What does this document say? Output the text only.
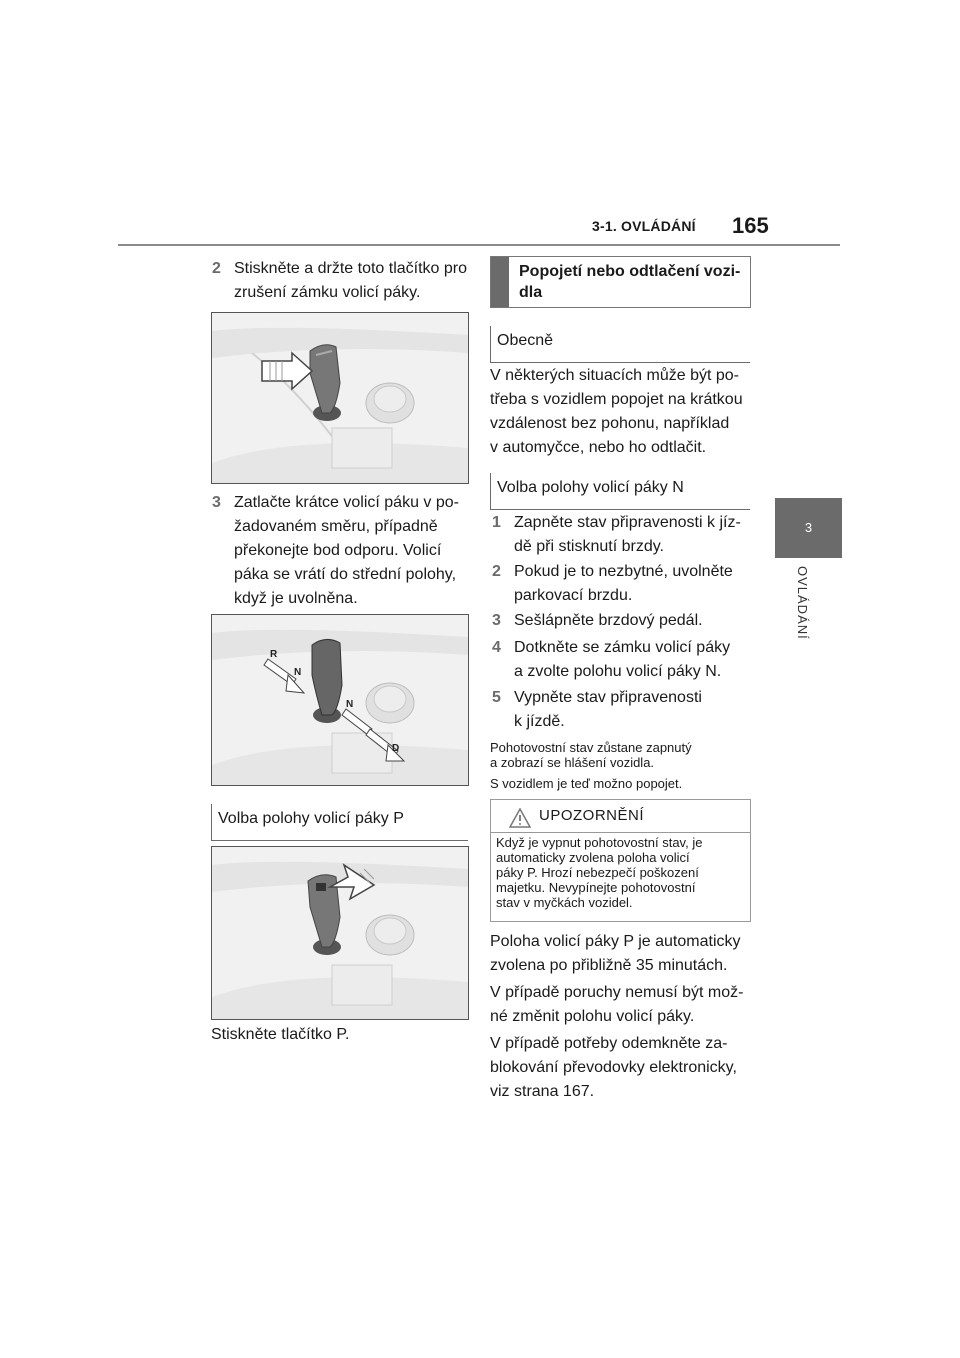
3-1. OVLÁDÁNÍ 165
3
OVLÁDÁNÍ
2 Stiskněte a držte toto tlačítko pro
zrušení zámku volicí páky.
3 Zatlačte krátce volicí páku v po-
žadovaném směru, případně
překonejte bod odporu. Volicí
páka se vrátí do střední polohy,
když je uvolněna.
R
N
N
D
Volba polohy volicí páky P
Stiskněte tlačítko P.
Popojetí nebo odtlačení vozi-
dla
Obecně
V některých situacích může být po-
třeba s vozidlem popojet na krátkou
vzdálenost bez pohonu, například
v automyčce, nebo ho odtlačit.
Volba polohy volicí páky N
1 Zapněte stav připravenosti k jíz-
dě při stisknutí brzdy.
2 Pokud je to nezbytné, uvolněte
parkovací brzdu.
3 Sešlápněte brzdový pedál.
4 Dotkněte se zámku volicí páky
a zvolte polohu volicí páky N.
5 Vypněte stav připravenosti
k jízdě.
Pohotovostní stav zůstane zapnutý
a zobrazí se hlášení vozidla.
S vozidlem je teď možno popojet.
UPOZORNĚNÍ
Když je vypnut pohotovostní stav, je
automaticky zvolena poloha volicí
páky P. Hrozí nebezpečí poškození
majetku. Nevypínejte pohotovostní
stav v myčkách vozidel.
Poloha volicí páky P je automaticky
zvolena po přibližně 35 minutách.
V případě poruchy nemusí být mož-
né změnit polohu volicí páky.
V případě potřeby odemkněte za-
blokování převodovky elektronicky,
viz strana 167.
